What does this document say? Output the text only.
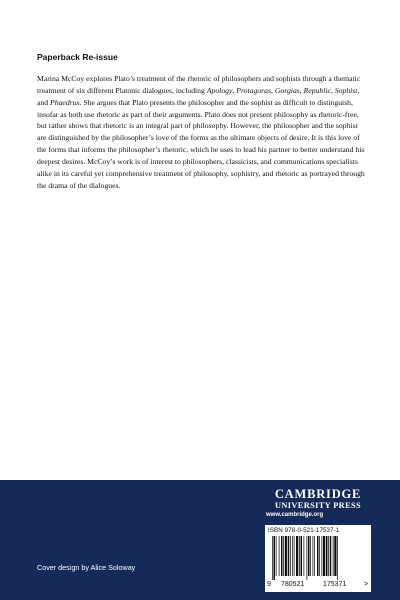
Paperback Re-issue

Marina McCoy explores Plato’s treatment of the rhetoric of philosophers and sophists through a thematic treatment of six different Platonic dialogues, including Apology, Protagoras, Gorgias, Republic, Sophist, and Phaedrus. She argues that Plato presents the philosopher and the sophist as difficult to distinguish, insofar as both use rhetoric as part of their arguments. Plato does not present philosophy as rhetoric-free, but rather shows that rhetoric is an integral part of philosophy. However, the philosopher and the sophist are distinguished by the philosopher’s love of the forms as the ultimate objects of desire. It is this love of the forms that informs the philosopher’s rhetoric, which he uses to lead his partner to better understand his deepest desires. McCoy’s work is of interest to philosophers, classicists, and communications specialists alike in its careful yet comprehensive treatment of philosophy, sophistry, and rhetoric as portrayed through the drama of the dialogues.

CAMBRIDGE
UNIVERSITY PRESS
www.cambridge.org
ISBN 978-0-521-17537-1
9 780521	175371	>
Cover design by Alice Soloway
